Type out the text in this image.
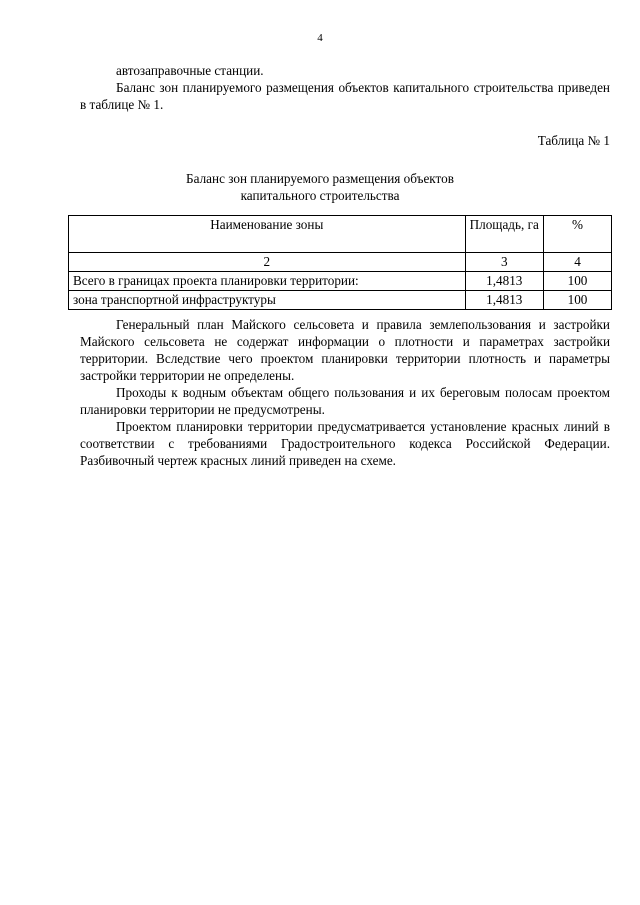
4

автозаправочные станции.

Баланс зон планируемого размещения объектов капитального строительства приведен в таблице № 1.

Таблица № 1
Баланс зон планируемого размещения объектов
капитального строительства
Наименование зоны	Площадь, га	%
2	3	4
Всего в границах проекта планировки территории:	1,4813	100
зона транспортной инфраструктуры	1,4813	100

Генеральный план Майского сельсовета и правила землепользования и застройки Майского сельсовета не содержат информации о плотности и параметрах застройки территории. Вследствие чего проектом планировки территории плотность и параметры застройки территории не определены.

Проходы к водным объектам общего пользования и их береговым полосам проектом планировки территории не предусмотрены.

Проектом планировки территории предусматривается установление красных линий в соответствии с требованиями Градостроительного кодекса Российской Федерации. Разбивочный чертеж красных линий приведен на схеме.
